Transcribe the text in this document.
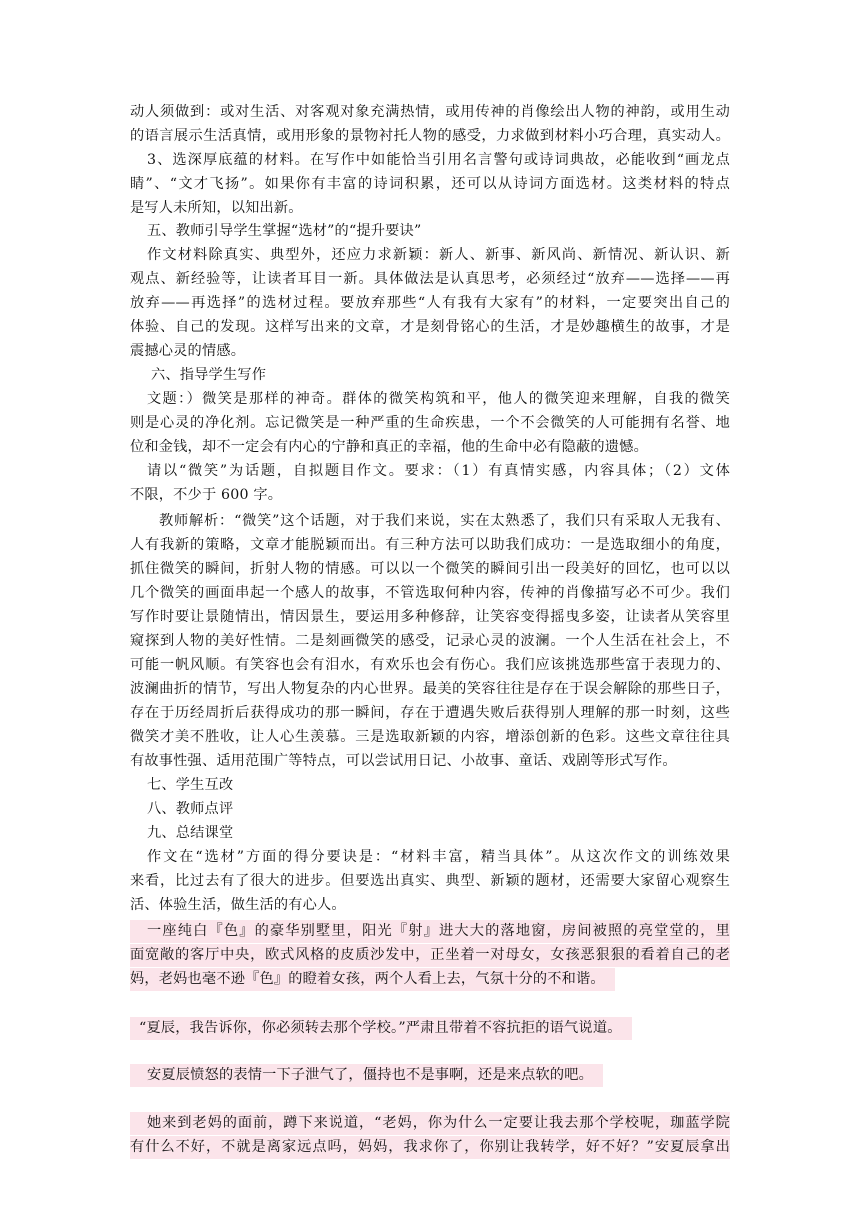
动人须做到：或对生活、对客观对象充满热情，或用传神的肖像绘出人物的神韵，或用生动
的语言展示生活真情，或用形象的景物衬托人物的感受，力求做到材料小巧合理，真实动人。
3、选深厚底蕴的材料。在写作中如能恰当引用名言警句或诗词典故，必能收到“画龙点
睛”、“文才飞扬”。如果你有丰富的诗词积累，还可以从诗词方面选材。这类材料的特点
是写人未所知，以知出新。
五、教师引导学生掌握“选材”的“提升要诀”
作文材料除真实、典型外，还应力求新颖：新人、新事、新风尚、新情况、新认识、新
观点、新经验等，让读者耳目一新。具体做法是认真思考，必须经过“放弃——选择——再
放弃——再选择”的选材过程。要放弃那些“人有我有大家有”的材料，一定要突出自己的
体验、自己的发现。这样写出来的文章，才是刻骨铭心的生活，才是妙趣横生的故事，才是
震撼心灵的情感。
六、指导学生写作
文题：）微笑是那样的神奇。群体的微笑构筑和平，他人的微笑迎来理解，自我的微笑
则是心灵的净化剂。忘记微笑是一种严重的生命疾患，一个不会微笑的人可能拥有名誉、地
位和金钱，却不一定会有内心的宁静和真正的幸福，他的生命中必有隐蔽的遗憾。
请以“微笑”为话题，自拟题目作文。要求：（1）有真情实感，内容具体；（2）文体
不限，不少于 600 字。
教师解析：“微笑”这个话题，对于我们来说，实在太熟悉了，我们只有采取人无我有、
人有我新的策略，文章才能脱颖而出。有三种方法可以助我们成功：一是选取细小的角度，
抓住微笑的瞬间，折射人物的情感。可以以一个微笑的瞬间引出一段美好的回忆，也可以以
几个微笑的画面串起一个感人的故事，不管选取何种内容，传神的肖像描写必不可少。我们
写作时要让景随情出，情因景生，要运用多种修辞，让笑容变得摇曳多姿，让读者从笑容里
窥探到人物的美好性情。二是刻画微笑的感受，记录心灵的波澜。一个人生活在社会上，不
可能一帆风顺。有笑容也会有泪水，有欢乐也会有伤心。我们应该挑选那些富于表现力的、
波澜曲折的情节，写出人物复杂的内心世界。最美的笑容往往是存在于误会解除的那些日子，
存在于历经周折后获得成功的那一瞬间，存在于遭遇失败后获得别人理解的那一时刻，这些
微笑才美不胜收，让人心生羡慕。三是选取新颖的内容，增添创新的色彩。这些文章往往具
有故事性强、适用范围广等特点，可以尝试用日记、小故事、童话、戏剧等形式写作。
七、学生互改
八、教师点评
九、总结课堂
作文在“选材”方面的得分要诀是：“材料丰富，精当具体”。从这次作文的训练效果
来看，比过去有了很大的进步。但要选出真实、典型、新颖的题材，还需要大家留心观察生
活、体验生活，做生活的有心人。
一座纯白『色』的豪华别墅里，阳光『射』进大大的落地窗，房间被照的亮堂堂的，里
面宽敞的客厅中央，欧式风格的皮质沙发中，正坐着一对母女，女孩恶狠狠的看着自己的老
妈，老妈也毫不逊『色』的瞪着女孩，两个人看上去，气氛十分的不和谐。
“夏辰，我告诉你，你必须转去那个学校。”严肃且带着不容抗拒的语气说道。
安夏辰愤怒的表情一下子泄气了，僵持也不是事啊，还是来点软的吧。
她来到老妈的面前，蹲下来说道，“老妈，你为什么一定要让我去那个学校呢，珈蓝学院
有什么不好，不就是离家远点吗，妈妈，我求你了，你别让我转学，好不好？”安夏辰拿出
